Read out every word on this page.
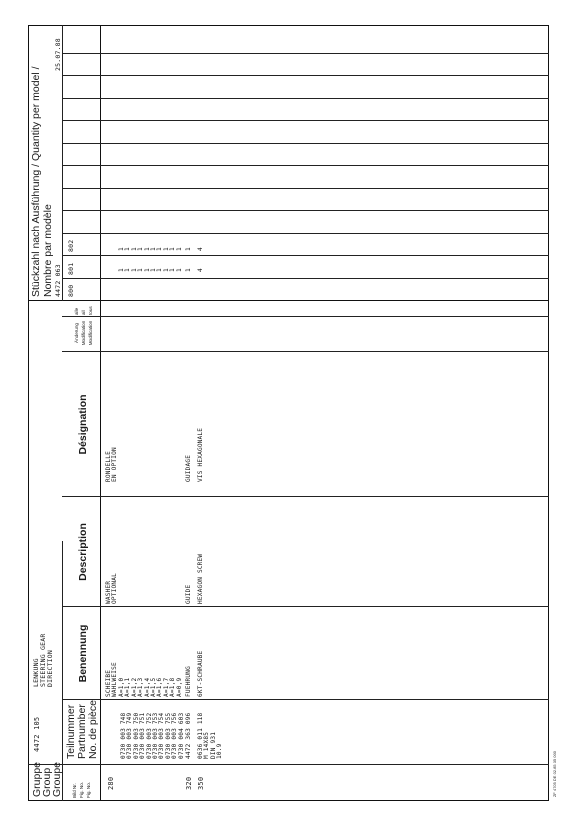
Gruppe
Group
Groupe
4472 105
LENKUNG STEERING GEAR DIRECTION
Bild Nr. Fig. No. Fig. No.
Teilnummer Partnumber No. de pièce
Benennung
Description
Désignation
Änderung Modification Modification
alle all tous
Stückzahl nach Ausführung / Quantity per model / Nombre par modèle 4472 063
25.07.88
800
801
802
280
SCHEIBE
WAHLWEISE
WASHER
OPTIONAL
RONDELLE
EN OPTION
0730 003 748
0730 003 749
0730 003 750
0730 003 751
0730 003 752
0730 003 753
0730 003 754
0730 003 755
0730 003 756
0730 004 603
A=1,0
A=1,1
A=1,2
A=1,3
A=1,4
A=1,5
A=1,6
A=1,7
A=1,8
A=0,9
1
1
1
1
1
1
1
1
1
1
1
1
1
1
1
1
1
1
1
1
320
4472 363 096
FUEHRUNG
GUIDE
GUIDAGE
1
1
350
0636 011 118
M 14X85
DIN 931
10.9
6KT-SCHRAUBE
HEXAGON SCREW
VIS HEXAGONALE
4
4
ZF 4705 DE 02.85 35 000
